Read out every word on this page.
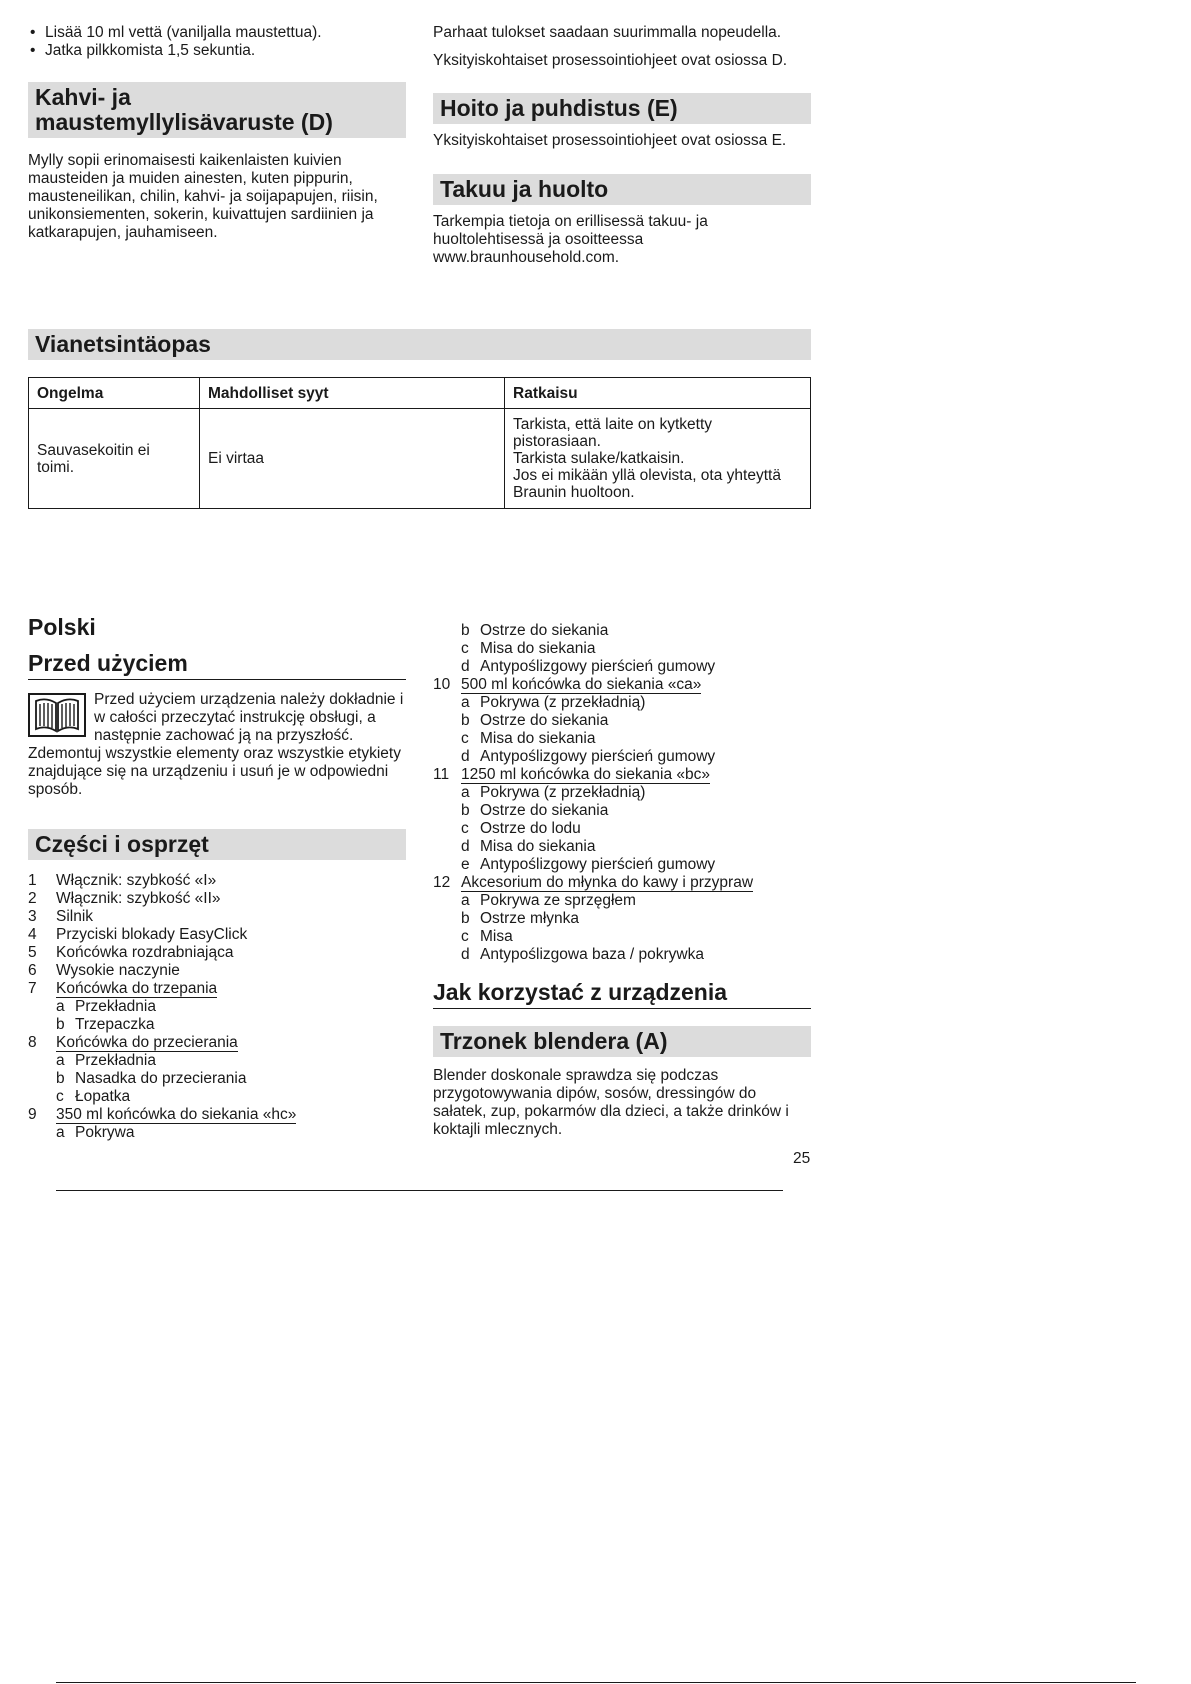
• Lisää 10 ml vettä (vaniljalla maustettua).
• Jatka pilkkomista 1,5 sekuntia.
Kahvi- ja
maustemyllylisävaruste (D)

Mylly sopii erinomaisesti kaikenlaisten kuivien mausteiden ja muiden ainesten, kuten pippurin, mausteneilikan, chilin, kahvi- ja soijapapujen, riisin, unikonsiementen, sokerin, kuivattujen sardiinien ja katkarapujen, jauhamiseen.

Parhaat tulokset saadaan suurimmalla nopeudella.

Yksityiskohtaiset prosessointiohjeet ovat osiossa D.

Hoito ja puhdistus (E)

Yksityiskohtaiset prosessointiohjeet ovat osiossa E.

Takuu ja huolto

Tarkempia tietoja on erillisessä takuu- ja huoltolehtisessä ja osoitteessa www.braunhousehold.com.

Vianetsintäopas
Ongelma	Mahdolliset syyt	Ratkaisu
Sauvasekoitin ei toimi.	Ei virtaa	Tarkista, että laite on kytketty pistorasiaan.
Tarkista sulake/katkaisin.
Jos ei mikään yllä olevista, ota yhteyttä Braunin huoltoon.
Polski
Przed użyciem

Przed użyciem urządzenia należy dokładnie i w całości przeczytać instrukcję obsługi, a następnie zachować ją na przyszłość. Zdemontuj wszystkie elementy oraz wszystkie etykiety znajdujące się na urządzeniu i usuń je w odpowiedni sposób.

Części i osprzęt
1	Włącznik: szybkość «I»
2	Włącznik: szybkość «II»
3	Silnik
4	Przyciski blokady EasyClick
5	Końcówka rozdrabniająca
6	Wysokie naczynie
7	Końcówka do trzepania
a Przekładnia
b Trzepaczka
8	Końcówka do przecierania
a Przekładnia
b Nasadka do przecierania
c Łopatka
9	350 ml końcówka do siekania «hc»
a Pokrywa
b Ostrze do siekania
c Misa do siekania
d Antypoślizgowy pierścień gumowy
10 500 ml końcówka do siekania «ca»
a Pokrywa (z przekładnią)
b Ostrze do siekania
c Misa do siekania
d Antypoślizgowy pierścień gumowy
11 1250 ml końcówka do siekania «bc»
a Pokrywa (z przekładnią)
b Ostrze do siekania
c Ostrze do lodu
d Misa do siekania
e Antypoślizgowy pierścień gumowy
12 Akcesorium do młynka do kawy i przypraw
a Pokrywa ze sprzęgłem
b Ostrze młynka
c Misa
d Antypoślizgowa baza / pokrywka
Jak korzystać z urządzenia
Trzonek blendera (A)

Blender doskonale sprawdza się podczas przygotowywania dipów, sosów, dressingów do sałatek, zup, pokarmów dla dzieci, a także drinków i koktajli mlecznych.

25
